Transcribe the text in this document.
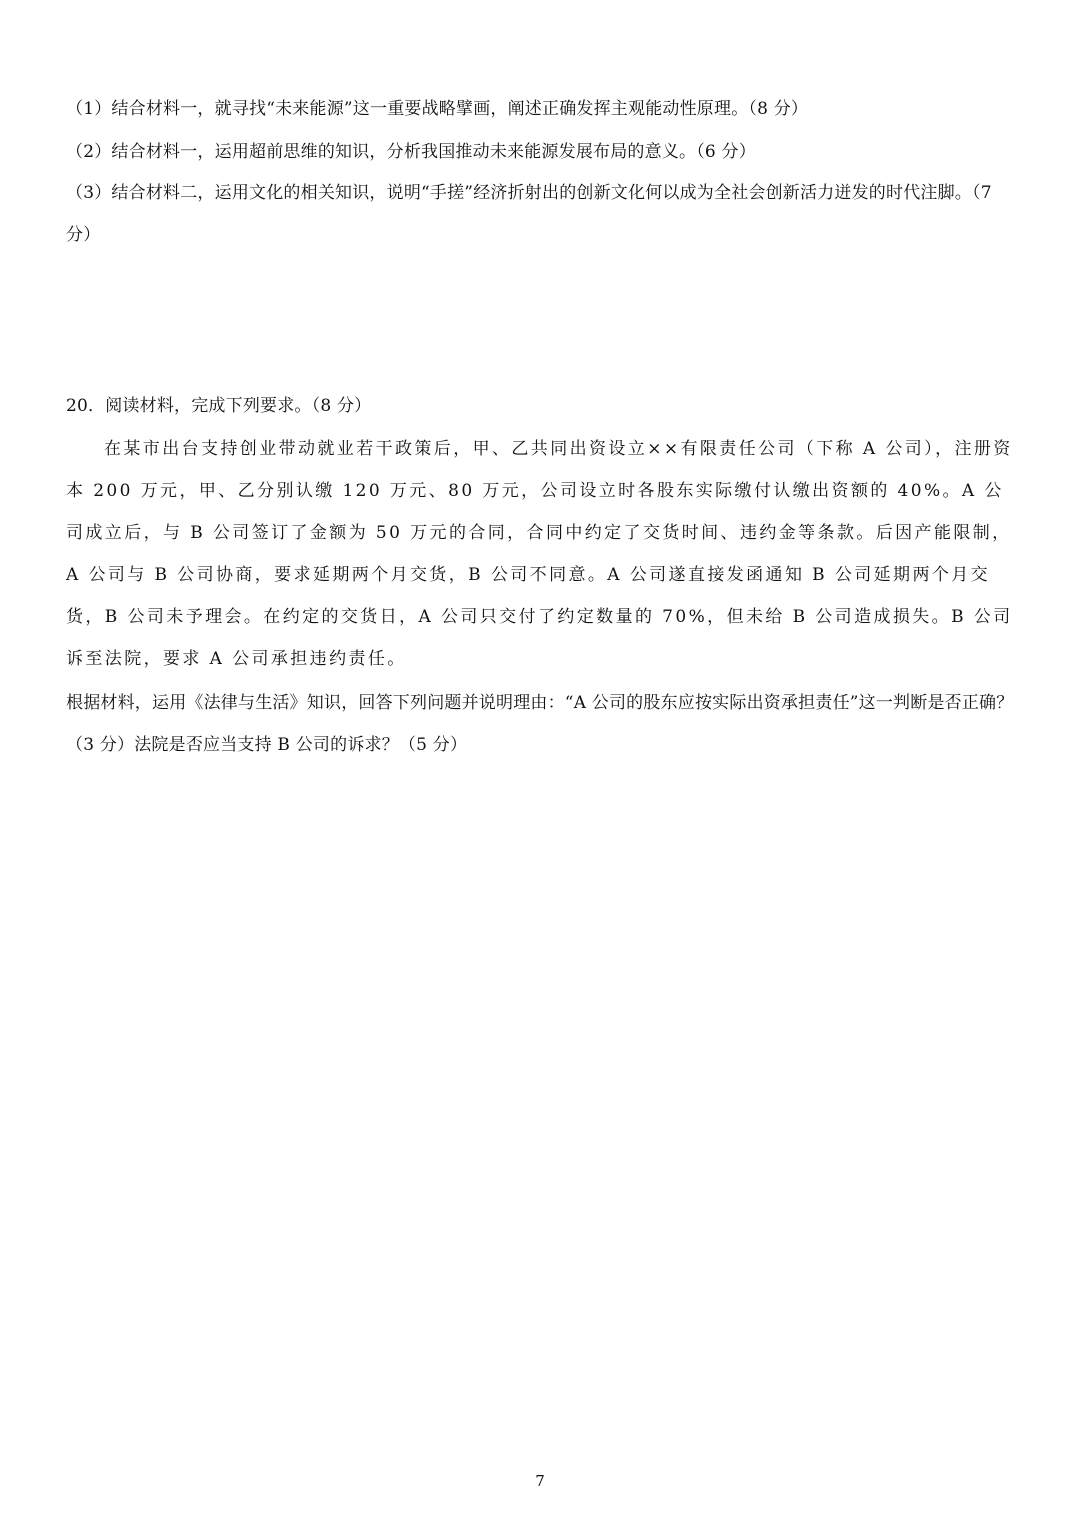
（1）结合材料一，就寻找“未来能源”这一重要战略擘画，阐述正确发挥主观能动性原理。（8 分）
（2）结合材料一，运用超前思维的知识，分析我国推动未来能源发展布局的意义。（6 分）
（3）结合材料二，运用文化的相关知识，说明“手搓”经济折射出的创新文化何以成为全社会创新活力迸发的时代注脚。（7 分）
20．阅读材料，完成下列要求。（8 分）
在某市出台支持创业带动就业若干政策后，甲、乙共同出资设立××有限责任公司（下称 A 公司），注册资本 200 万元，甲、乙分别认缴 120 万元、80 万元，公司设立时各股东实际缴付认缴出资额的 40%。A 公司成立后，与 B 公司签订了金额为 50 万元的合同，合同中约定了交货时间、违约金等条款。后因产能限制，A 公司与 B 公司协商，要求延期两个月交货，B 公司不同意。A 公司遂直接发函通知 B 公司延期两个月交货，B 公司未予理会。在约定的交货日，A 公司只交付了约定数量的 70%，但未给 B 公司造成损失。B 公司诉至法院，要求 A 公司承担违约责任。
根据材料，运用《法律与生活》知识，回答下列问题并说明理由：“A 公司的股东应按实际出资承担责任”这一判断是否正确？（3 分）法院是否应当支持 B 公司的诉求？（5 分）
7
